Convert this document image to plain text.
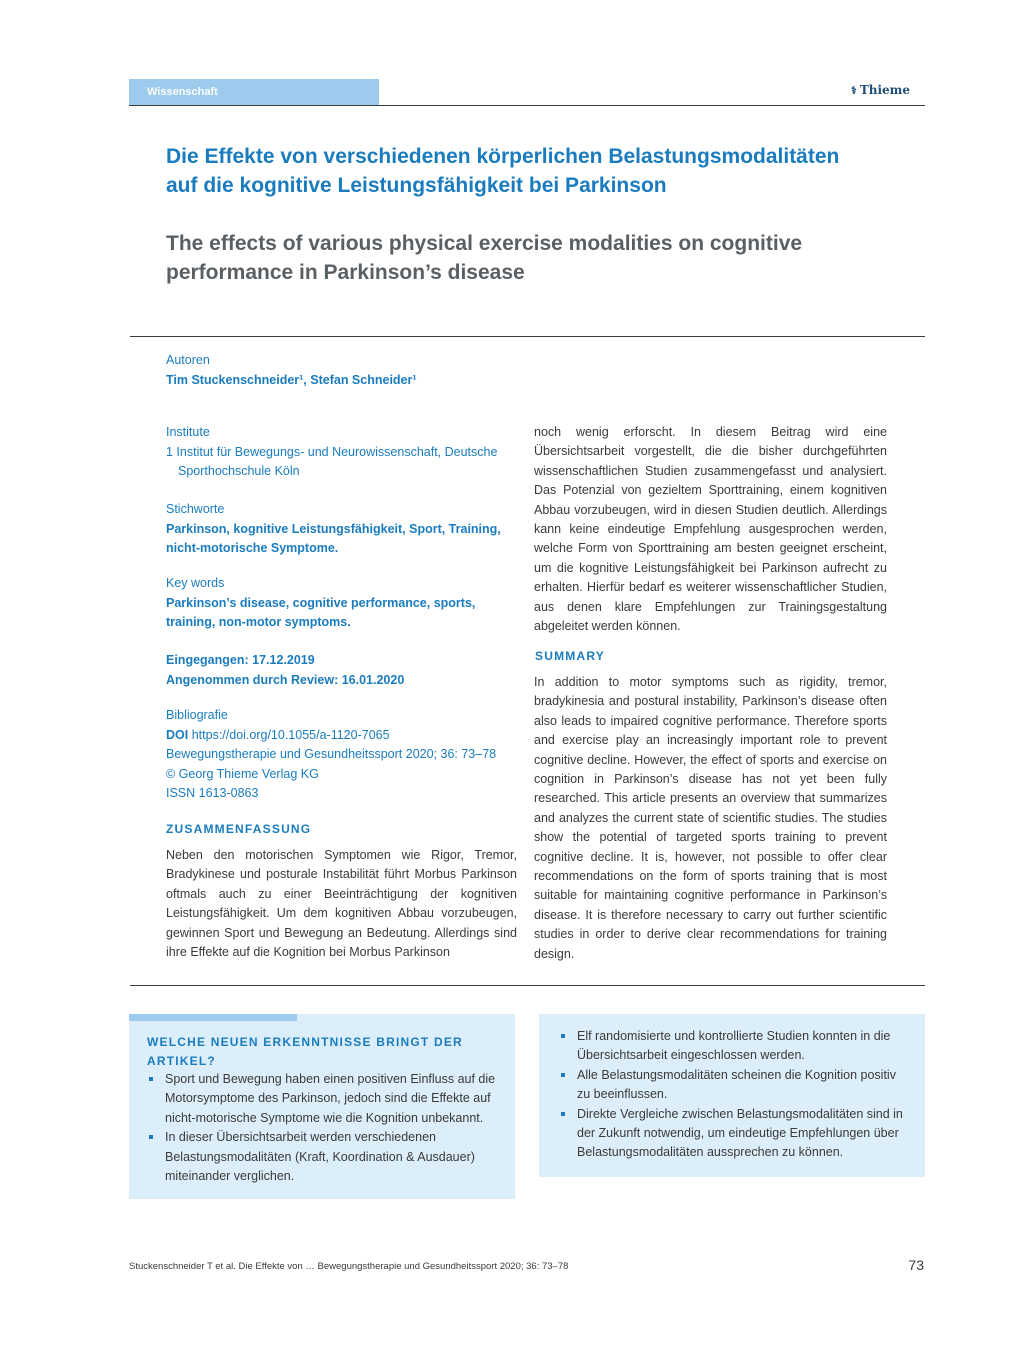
Wissenschaft	⚕ Thieme
Die Effekte von verschiedenen körperlichen Belastungsmodalitäten
auf die kognitive Leistungsfähigkeit bei Parkinson
The effects of various physical exercise modalities on cognitive
performance in Parkinson’s disease
Autoren
Tim Stuckenschneider¹, Stefan Schneider¹
Institute
1 Institut für Bewegungs- und Neurowissenschaft, Deutsche
Sporthochschule Köln
Stichworte
Parkinson, kognitive Leistungsfähigkeit, Sport, Training,
nicht-motorische Symptome.
Key words
Parkinson’s disease, cognitive performance, sports,
training, non-motor symptoms.
Eingegangen: 17.12.2019
Angenommen durch Review: 16.01.2020
Bibliografie
DOI https://doi.org/10.1055/a-1120-7065
Bewegungstherapie und Gesundheitssport 2020; 36: 73–78
© Georg Thieme Verlag KG
ISSN 1613-0863
ZUSAMMENFASSUNG
Neben den motorischen Symptomen wie Rigor, Tremor, Bradykinese und posturale Instabilität führt Morbus Parkinson oftmals auch zu einer Beeinträchtigung der kognitiven Leistungsfähigkeit. Um dem kognitiven Abbau vorzubeugen, gewinnen Sport und Bewegung an Bedeutung. Allerdings sind ihre Effekte auf die Kognition bei Morbus Parkinson
noch wenig erforscht. In diesem Beitrag wird eine Übersichtsarbeit vorgestellt, die die bisher durchgeführten wissenschaftlichen Studien zusammengefasst und analysiert. Das Potenzial von gezieltem Sporttraining, einem kognitiven Abbau vorzubeugen, wird in diesen Studien deutlich. Allerdings kann keine eindeutige Empfehlung ausgesprochen werden, welche Form von Sporttraining am besten geeignet erscheint, um die kognitive Leistungsfähigkeit bei Parkinson aufrecht zu erhalten. Hierfür bedarf es weiterer wissenschaftlicher Studien, aus denen klare Empfehlungen zur Trainingsgestaltung abgeleitet werden können.
SUMMARY
In addition to motor symptoms such as rigidity, tremor, bradykinesia and postural instability, Parkinson’s disease often also leads to impaired cognitive performance. Therefore sports and exercise play an increasingly important role to prevent cognitive decline. However, the effect of sports and exercise on cognition in Parkinson’s disease has not yet been fully researched. This article presents an overview that summarizes and analyzes the current state of scientific studies. The studies show the potential of targeted sports training to prevent cognitive decline. It is, however, not possible to offer clear recommendations on the form of sports training that is most suitable for maintaining cognitive performance in Parkinson’s disease. It is therefore necessary to carry out further scientific studies in order to derive clear recommendations for training design.
WELCHE NEUEN ERKENNTNISSE BRINGT DER
ARTIKEL?
Sport und Bewegung haben einen positiven Einfluss auf die Motorsymptome des Parkinson, jedoch sind die Effekte auf nicht-motorische Symptome wie die Kognition unbekannt.
In dieser Übersichtsarbeit werden verschiedenen Belastungsmodalitäten (Kraft, Koordination & Ausdauer) miteinander verglichen.
Elf randomisierte und kontrollierte Studien konnten in die Übersichtsarbeit eingeschlossen werden.
Alle Belastungsmodalitäten scheinen die Kognition positiv zu beeinflussen.
Direkte Vergleiche zwischen Belastungsmodalitäten sind in der Zukunft notwendig, um eindeutige Empfehlungen über Belastungsmodalitäten aussprechen zu können.
Stuckenschneider T et al. Die Effekte von … Bewegungstherapie und Gesundheitssport 2020; 36: 73–78	73
